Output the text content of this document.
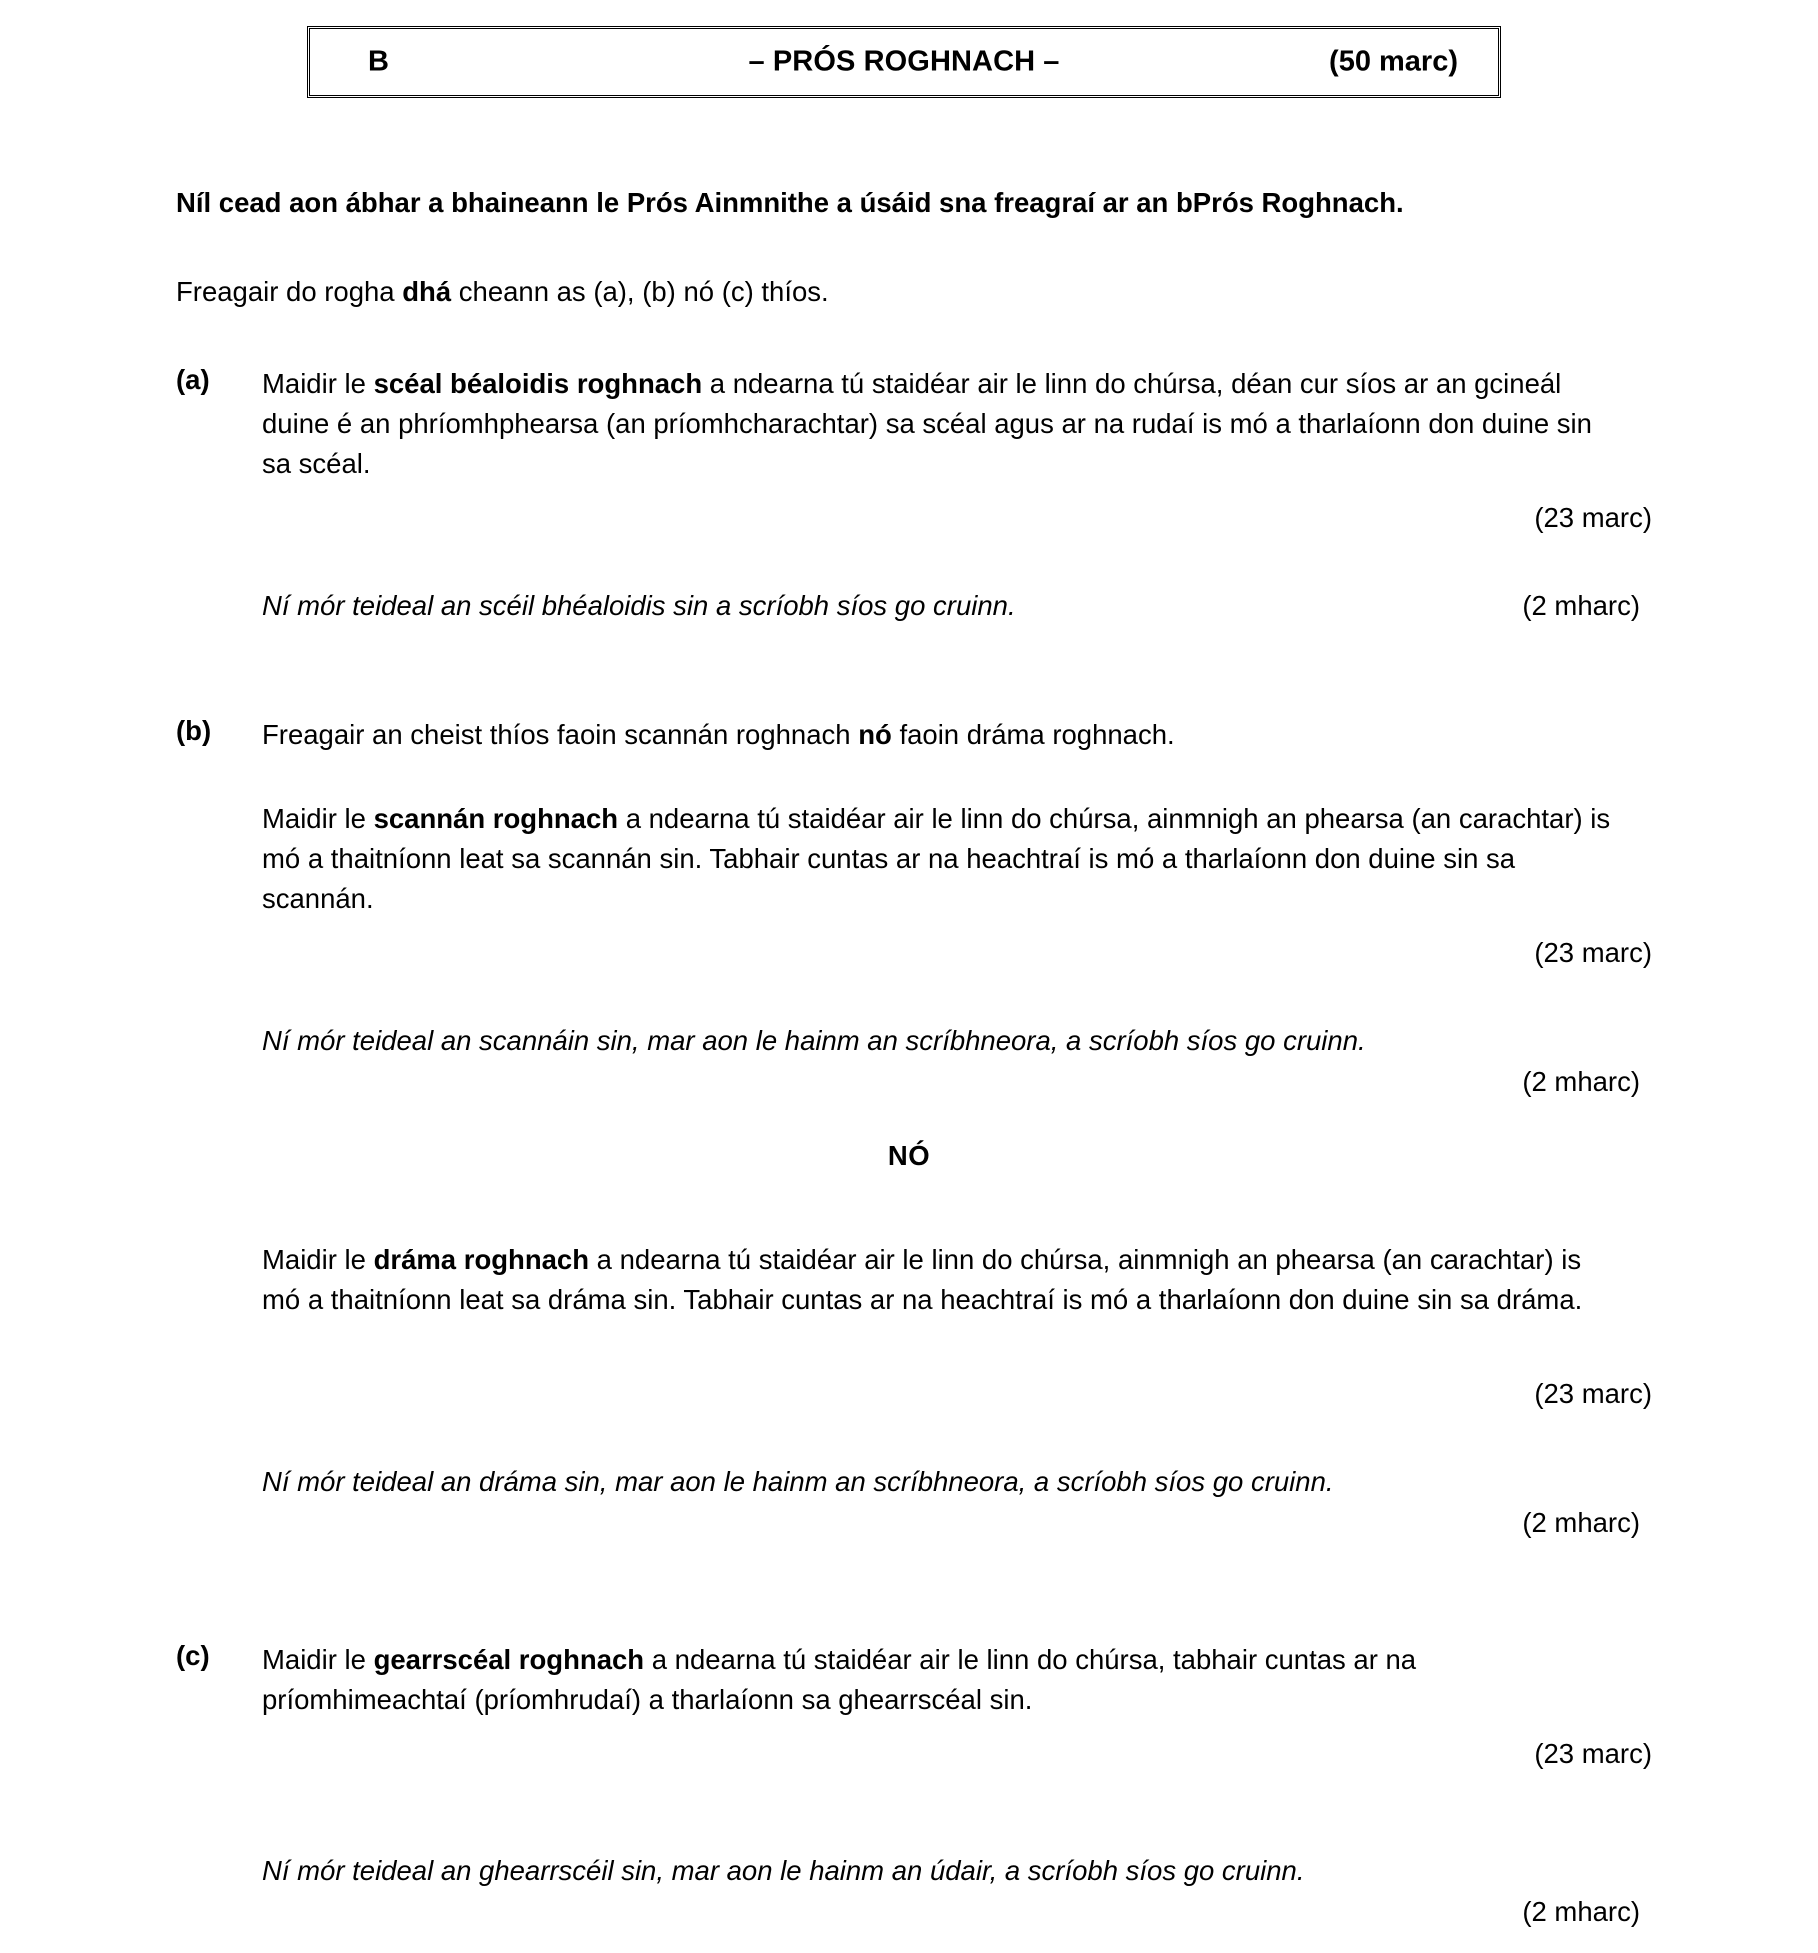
B	– PRÓS ROGHNACH –	(50 marc)
Níl cead aon ábhar a bhaineann le Prós Ainmnithe a úsáid sna freagraí ar an bPrós Roghnach.
Freagair do rogha dhá cheann as (a), (b) nó (c) thíos.
(a)	Maidir le scéal béaloidis roghnach a ndearna tú staidéar air le linn do chúrsa, déan cur síos ar an gcineál duine é an phríomhphearsa (an príomhcharachtar) sa scéal agus ar na rudaí is mó a tharlaíonn don duine sin sa scéal.
(23 marc)
Ní mór teideal an scéil bhéaloidis sin a scríobh síos go cruinn.	(2 mharc)
(b)	Freagair an cheist thíos faoin scannán roghnach nó faoin dráma roghnach.
Maidir le scannán roghnach a ndearna tú staidéar air le linn do chúrsa, ainmnigh an phearsa (an carachtar) is mó a thaitníonn leat sa scannán sin. Tabhair cuntas ar na heachtraí is mó a tharlaíonn don duine sin sa scannán.
(23 marc)
Ní mór teideal an scannáin sin, mar aon le hainm an scríbhneora, a scríobh síos go cruinn.
(2 mharc)
NÓ
Maidir le dráma roghnach a ndearna tú staidéar air le linn do chúrsa, ainmnigh an phearsa (an carachtar) is mó a thaitníonn leat sa dráma sin. Tabhair cuntas ar na heachtraí is mó a tharlaíonn don duine sin sa dráma.
(23 marc)
Ní mór teideal an dráma sin, mar aon le hainm an scríbhneora, a scríobh síos go cruinn.
(2 mharc)
(c)	Maidir le gearrscéal roghnach a ndearna tú staidéar air le linn do chúrsa, tabhair cuntas ar na príomhimeachtaí (príomhrudaí) a tharlaíonn sa ghearrscéal sin.
(23 marc)
Ní mór teideal an ghearrscéil sin, mar aon le hainm an údair, a scríobh síos go cruinn.
(2 mharc)
